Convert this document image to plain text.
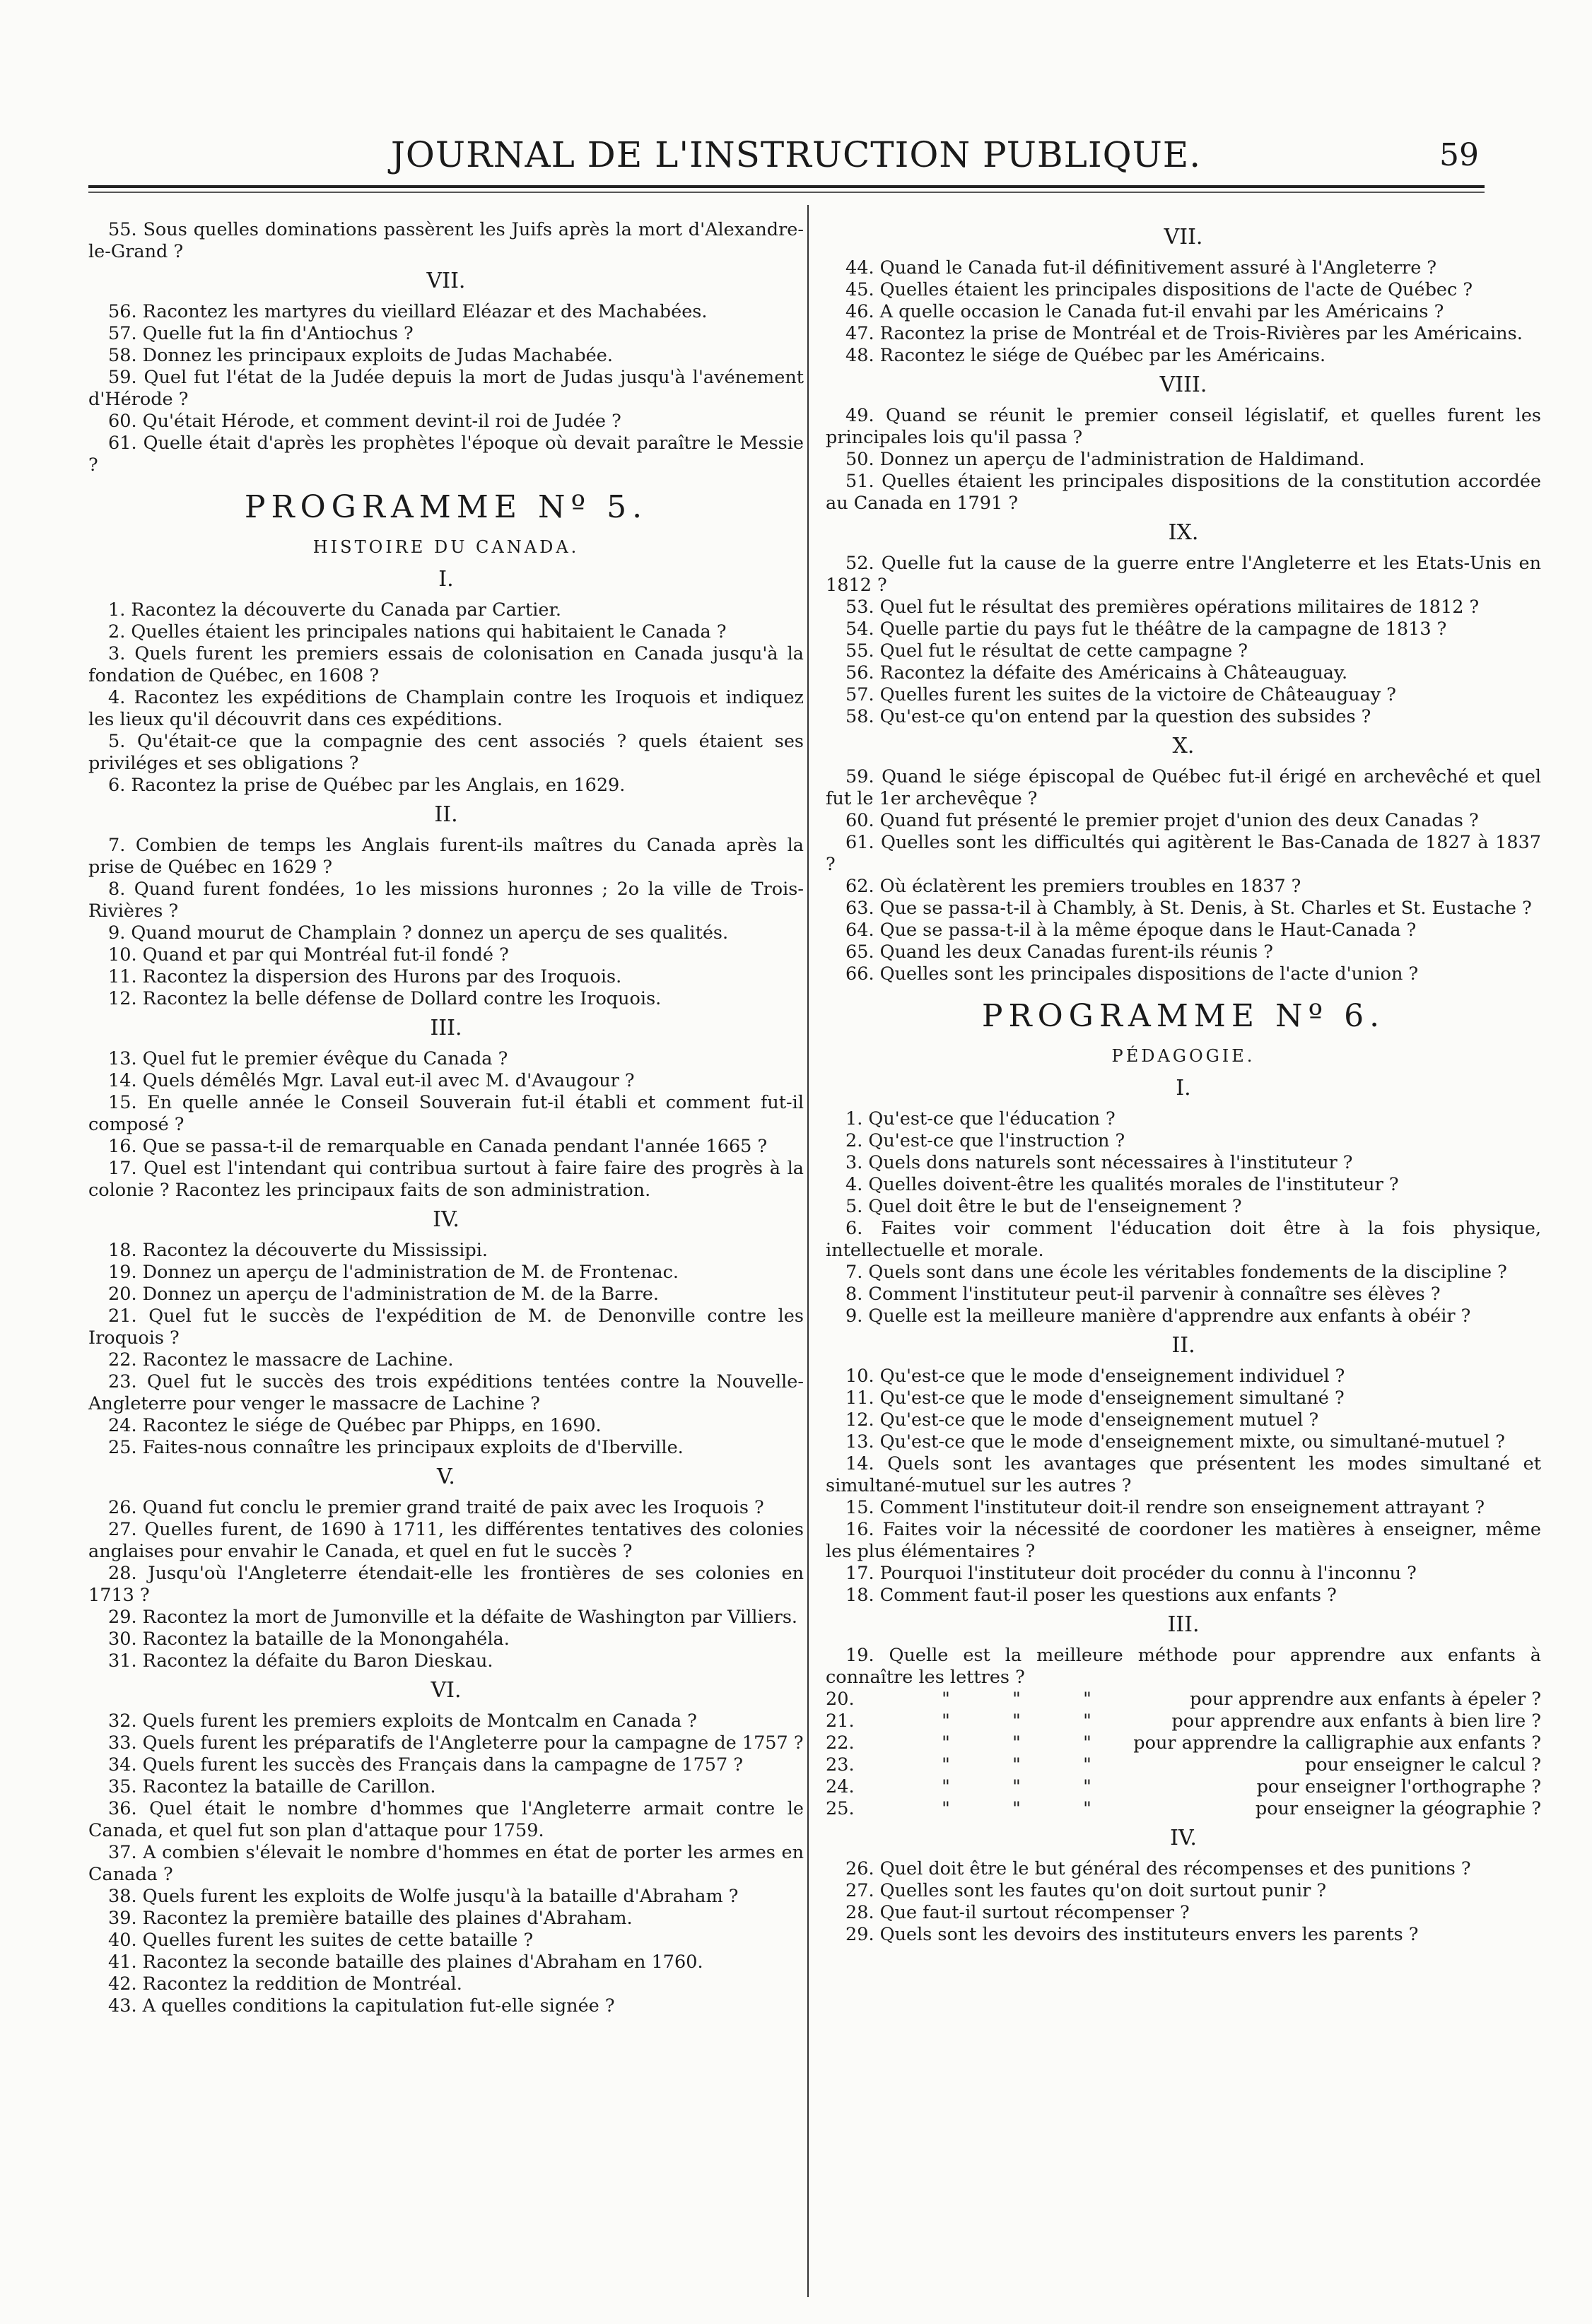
JOURNAL DE L'INSTRUCTION PUBLIQUE.	59
55. Sous quelles dominations passèrent les Juifs après la mort d'Alexandre-le-Grand ?
VII.
56. Racontez les martyres du vieillard Eléazar et des Machabées.
57. Quelle fut la fin d'Antiochus ?
58. Donnez les principaux exploits de Judas Machabée.
59. Quel fut l'état de la Judée depuis la mort de Judas jusqu'à l'avénement d'Hérode ?
60. Qu'était Hérode, et comment devint-il roi de Judée ?
61. Quelle était d'après les prophètes l'époque où devait paraître le Messie ?
PROGRAMME Nº 5.
HISTOIRE DU CANADA.
I.
1. Racontez la découverte du Canada par Cartier.
2. Quelles étaient les principales nations qui habitaient le Canada ?
3. Quels furent les premiers essais de colonisation en Canada jusqu'à la fondation de Québec, en 1608 ?
4. Racontez les expéditions de Champlain contre les Iroquois et indiquez les lieux qu'il découvrit dans ces expéditions.
5. Qu'était-ce que la compagnie des cent associés ? quels étaient ses priviléges et ses obligations ?
6. Racontez la prise de Québec par les Anglais, en 1629.
II.
7. Combien de temps les Anglais furent-ils maîtres du Canada après la prise de Québec en 1629 ?
8. Quand furent fondées, 1o les missions huronnes ; 2o la ville de Trois-Rivières ?
9. Quand mourut de Champlain ? donnez un aperçu de ses qualités.
10. Quand et par qui Montréal fut-il fondé ?
11. Racontez la dispersion des Hurons par des Iroquois.
12. Racontez la belle défense de Dollard contre les Iroquois.
III.
13. Quel fut le premier évêque du Canada ?
14. Quels démêlés Mgr. Laval eut-il avec M. d'Avaugour ?
15. En quelle année le Conseil Souverain fut-il établi et comment fut-il composé ?
16. Que se passa-t-il de remarquable en Canada pendant l'année 1665 ?
17. Quel est l'intendant qui contribua surtout à faire faire des progrès à la colonie ? Racontez les principaux faits de son administration.
IV.
18. Racontez la découverte du Mississipi.
19. Donnez un aperçu de l'administration de M. de Frontenac.
20. Donnez un aperçu de l'administration de M. de la Barre.
21. Quel fut le succès de l'expédition de M. de Denonville contre les Iroquois ?
22. Racontez le massacre de Lachine.
23. Quel fut le succès des trois expéditions tentées contre la Nouvelle-Angleterre pour venger le massacre de Lachine ?
24. Racontez le siége de Québec par Phipps, en 1690.
25. Faites-nous connaître les principaux exploits de d'Iberville.
V.
26. Quand fut conclu le premier grand traité de paix avec les Iroquois ?
27. Quelles furent, de 1690 à 1711, les différentes tentatives des colonies anglaises pour envahir le Canada, et quel en fut le succès ?
28. Jusqu'où l'Angleterre étendait-elle les frontières de ses colonies en 1713 ?
29. Racontez la mort de Jumonville et la défaite de Washington par Villiers.
30. Racontez la bataille de la Monongahéla.
31. Racontez la défaite du Baron Dieskau.
VI.
32. Quels furent les premiers exploits de Montcalm en Canada ?
33. Quels furent les préparatifs de l'Angleterre pour la campagne de 1757 ?
34. Quels furent les succès des Français dans la campagne de 1757 ?
35. Racontez la bataille de Carillon.
36. Quel était le nombre d'hommes que l'Angleterre armait contre le Canada, et quel fut son plan d'attaque pour 1759.
37. A combien s'élevait le nombre d'hommes en état de porter les armes en Canada ?
38. Quels furent les exploits de Wolfe jusqu'à la bataille d'Abraham ?
39. Racontez la première bataille des plaines d'Abraham.
40. Quelles furent les suites de cette bataille ?
41. Racontez la seconde bataille des plaines d'Abraham en 1760.
42. Racontez la reddition de Montréal.
43. A quelles conditions la capitulation fut-elle signée ?
VII.
44. Quand le Canada fut-il définitivement assuré à l'Angleterre ?
45. Quelles étaient les principales dispositions de l'acte de Québec ?
46. A quelle occasion le Canada fut-il envahi par les Américains ?
47. Racontez la prise de Montréal et de Trois-Rivières par les Américains.
48. Racontez le siége de Québec par les Américains.
VIII.
49. Quand se réunit le premier conseil législatif, et quelles furent les principales lois qu'il passa ?
50. Donnez un aperçu de l'administration de Haldimand.
51. Quelles étaient les principales dispositions de la constitution accordée au Canada en 1791 ?
IX.
52. Quelle fut la cause de la guerre entre l'Angleterre et les Etats-Unis en 1812 ?
53. Quel fut le résultat des premières opérations militaires de 1812 ?
54. Quelle partie du pays fut le théâtre de la campagne de 1813 ?
55. Quel fut le résultat de cette campagne ?
56. Racontez la défaite des Américains à Châteauguay.
57. Quelles furent les suites de la victoire de Châteauguay ?
58. Qu'est-ce qu'on entend par la question des subsides ?
X.
59. Quand le siége épiscopal de Québec fut-il érigé en archevêché et quel fut le 1er archevêque ?
60. Quand fut présenté le premier projet d'union des deux Canadas ?
61. Quelles sont les difficultés qui agitèrent le Bas-Canada de 1827 à 1837 ?
62. Où éclatèrent les premiers troubles en 1837 ?
63. Que se passa-t-il à Chambly, à St. Denis, à St. Charles et St. Eustache ?
64. Que se passa-t-il à la même époque dans le Haut-Canada ?
65. Quand les deux Canadas furent-ils réunis ?
66. Quelles sont les principales dispositions de l'acte d'union ?
PROGRAMME Nº 6.
PÉDAGOGIE.
I.
1. Qu'est-ce que l'éducation ?
2. Qu'est-ce que l'instruction ?
3. Quels dons naturels sont nécessaires à l'instituteur ?
4. Quelles doivent-être les qualités morales de l'instituteur ?
5. Quel doit être le but de l'enseignement ?
6. Faites voir comment l'éducation doit être à la fois physique, intellectuelle et morale.
7. Quels sont dans une école les véritables fondements de la discipline ?
8. Comment l'instituteur peut-il parvenir à connaître ses élèves ?
9. Quelle est la meilleure manière d'apprendre aux enfants à obéir ?
II.
10. Qu'est-ce que le mode d'enseignement individuel ?
11. Qu'est-ce que le mode d'enseignement simultané ?
12. Qu'est-ce que le mode d'enseignement mutuel ?
13. Qu'est-ce que le mode d'enseignement mixte, ou simultané-mutuel ?
14. Quels sont les avantages que présentent les modes simultané et simultané-mutuel sur les autres ?
15. Comment l'instituteur doit-il rendre son enseignement attrayant ?
16. Faites voir la nécessité de coordoner les matières à enseigner, même les plus élémentaires ?
17. Pourquoi l'instituteur doit procéder du connu à l'inconnu ?
18. Comment faut-il poser les questions aux enfants ?
III.
19. Quelle est la meilleure méthode pour apprendre aux enfants à connaître les lettres ?
20.	"	"	"	pour apprendre aux enfants à épeler ?
21.	"	"	"	pour apprendre aux enfants à bien lire ?
22.	"	"	"	pour apprendre la calligraphie aux enfants ?
23.	"	"	"	pour enseigner le calcul ?
24.	"	"	"	pour enseigner l'orthographe ?
25.	"	"	"	pour enseigner la géographie ?
IV.
26. Quel doit être le but général des récompenses et des punitions ?
27. Quelles sont les fautes qu'on doit surtout punir ?
28. Que faut-il surtout récompenser ?
29. Quels sont les devoirs des instituteurs envers les parents ?
